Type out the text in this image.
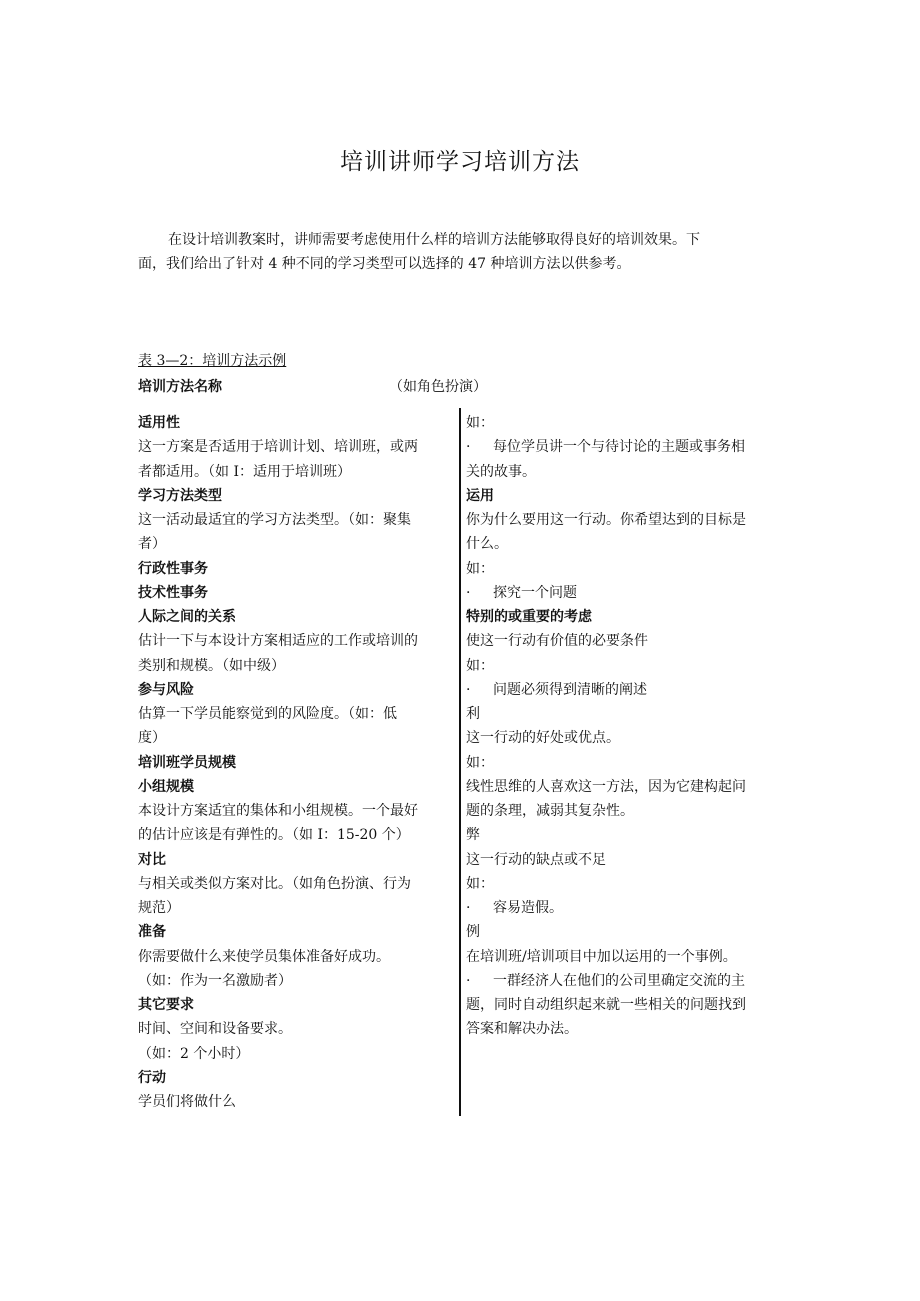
培训讲师学习培训方法

在设计培训教案时，讲师需要考虑使用什么样的培训方法能够取得良好的培训效果。下
面，我们给出了针对 4 种不同的学习类型可以选择的 47 种培训方法以供参考。

表 3—2：培训方法示例

培训方法名称	（如角色扮演）
适用性
这一方案是否适用于培训计划、培训班，或两
者都适用。（如 I：适用于培训班）
学习方法类型
这一活动最适宜的学习方法类型。（如：聚集
者）
行政性事务
技术性事务
人际之间的关系
估计一下与本设计方案相适应的工作或培训的
类别和规模。（如中级）
参与风险
估算一下学员能察觉到的风险度。（如：低
度）
培训班学员规模
小组规模
本设计方案适宜的集体和小组规模。一个最好
的估计应该是有弹性的。（如 I：15-20 个）
对比
与相关或类似方案对比。（如角色扮演、行为
规范）
准备
你需要做什么来使学员集体准备好成功。
（如：作为一名激励者）
其它要求
时间、空间和设备要求。
（如：2 个小时）
行动
学员们将做什么
如：
· 每位学员讲一个与待讨论的主题或事务相
关的故事。
运用
你为什么要用这一行动。你希望达到的目标是
什么。
如：
· 探究一个问题
特别的或重要的考虑
使这一行动有价值的必要条件
如：
· 问题必须得到清晰的阐述
利
这一行动的好处或优点。
如：
线性思维的人喜欢这一方法，因为它建构起问
题的条理，减弱其复杂性。
弊
这一行动的缺点或不足
如：
· 容易造假。
例
在培训班/培训项目中加以运用的一个事例。
· 一群经济人在他们的公司里确定交流的主
题，同时自动组织起来就一些相关的问题找到
答案和解决办法。
